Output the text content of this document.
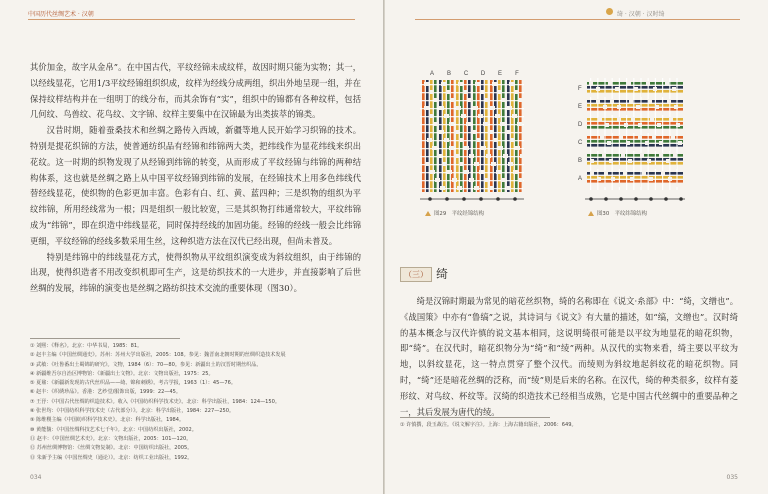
中国历代丝绸艺术 · 汉朝

其价加金，故字从金帛”。在中国古代，平纹经锦未成纹样，故因时期只能为实物；其一，以经线显花，它用1/3平纹经锦组织织成，纹样为经线分成两组，织出外地呈现一组，并在保持纹样结构并在一组明丁的线分布，而其余饰有“实”，组织中的锦都有各种纹样，包括几何纹、鸟兽纹、花鸟纹、文字锦、纹样主要集中在汉锦最为出类拔萃的锦类。

汉昔时期，随着蚕桑技术和丝绸之路传入西域，新疆等地人民开始学习织锦的技术。特别是提花织锦的方法，使普通纺织品有经锦和纬锦两大类，把纬线作为显花纬线来织出花纹。这一时期的织物发现了从经锦到纬锦的转变，从而形成了平纹经锦与纬锦的两种结构体系，这也就是丝绸之路上从中国平纹经锦到纬锦的发展，在经锦技术上用多色纬线代替经线显花，使织物的色彩更加丰富。色彩有白、红、黄、蓝四种；三是织物的组织为平纹纬锦，所用经线常为一根；四是组织一般比较宽，三是其织物打纬通常较大，平纹纬锦成为“纬锦”，即在织造中纬线显花，同时保持经线的加固功能。经锦的经线一般会比纬锦更细，平纹经锦的经线多数采用生丝，这种织造方法在汉代已经出现，但尚未普及。

特别是纬锦中的纬线显花方式，使得织物从平纹组织演变成为斜纹组织，由于纬锦的出现，使得织造者不用改变织机即可生产，这是纺织技术的一大进步，并直接影响了后世丝绸的发展，纬锦的演变也是丝绸之路纺织技术交流的重要体现（图30）。

① 刘熙：《释名》。北京：中华书局，1985：81。
② 赵丰主编《中国丝绸通史》。苏州：苏州大学出版社，2005：108。参见：魏晋南北朝时期的丝绸织造技术发展
③ 武敏：《吐鲁番出土蜀锦的研究》。文物，1984（6）：70—80。参见：新疆出土的汉晋时期丝织品。
④ 新疆维吾尔自治区博物馆：《新疆出土文物》。北京：文物出版社，1975：25。
⑤ 夏鼐：《新疆新发现的古代丝织品——绮、锦和刺绣》。考古学报，1963（1）：45—76。
⑥ 赵丰：《织绣珍品》。香港：艺纱堂/服饰出版，1999：22—45。
⑦ 王㐨：《中国古代丝绸的织造技术》。收入《中国纺织科学技术史》。北京：科学出版社，1984：124—150。
⑧ 张世均：《中国纺织科学技术史（古代部分）》。北京：科学出版社，1984：227—250。
⑨ 陈维稷主编《中国纺织科学技术史》。北京：科学出版社，1984。
⑩ 黄能馥：《中国丝绸科技艺术七千年》。北京：中国纺织出版社，2002。
⑪ 赵丰：《中国丝绸艺术史》。北京：文物出版社，2005：101—120。
⑫ 苏州丝绸博物馆：《丝绸文物复制》。北京：中国纺织出版社，2005。
⑬ 朱新予主编《中国丝绸史（通论）》。北京：纺织工业出版社，1992。
034
绮 · 汉朝 · 汉时绮
A B C D E F
图29　平纹经锦结构
F
E
D
C
B
A
图30　平纹纬锦结构
（三） 绮

绮是汉锦时期最为常见的暗花丝织物，绮的名称即在《说文·糸部》中：“绮，文缯也”。《战国策》中亦有“鲁缟”之说，其诗词与《说文》有大量的描述，如“缟，文缯也”。汉时绮的基本概念与汉代许慎的说文基本相同，这说明绮很可能是以平纹为地显花的暗花织物，即“绮”。在汉代时，暗花织物分为“绮”和“绫”两种。从汉代的实物来看，绮主要以平纹为地，以斜纹显花，这一特点贯穿了整个汉代。而绫则为斜纹地起斜纹花的暗花织物。同时，“绮”还是暗花丝绸的泛称，而“绫”则是后来的名称。在汉代，绮的种类很多，纹样有菱形纹、对鸟纹、杯纹等。汉绮的织造技术已经相当成熟，它是中国古代丝绸中的重要品种之一，其后发展为唐代的绫。

① 许慎撰，段玉裁注。《说文解字注》。上海：上海古籍出版社，2006：649。
035
